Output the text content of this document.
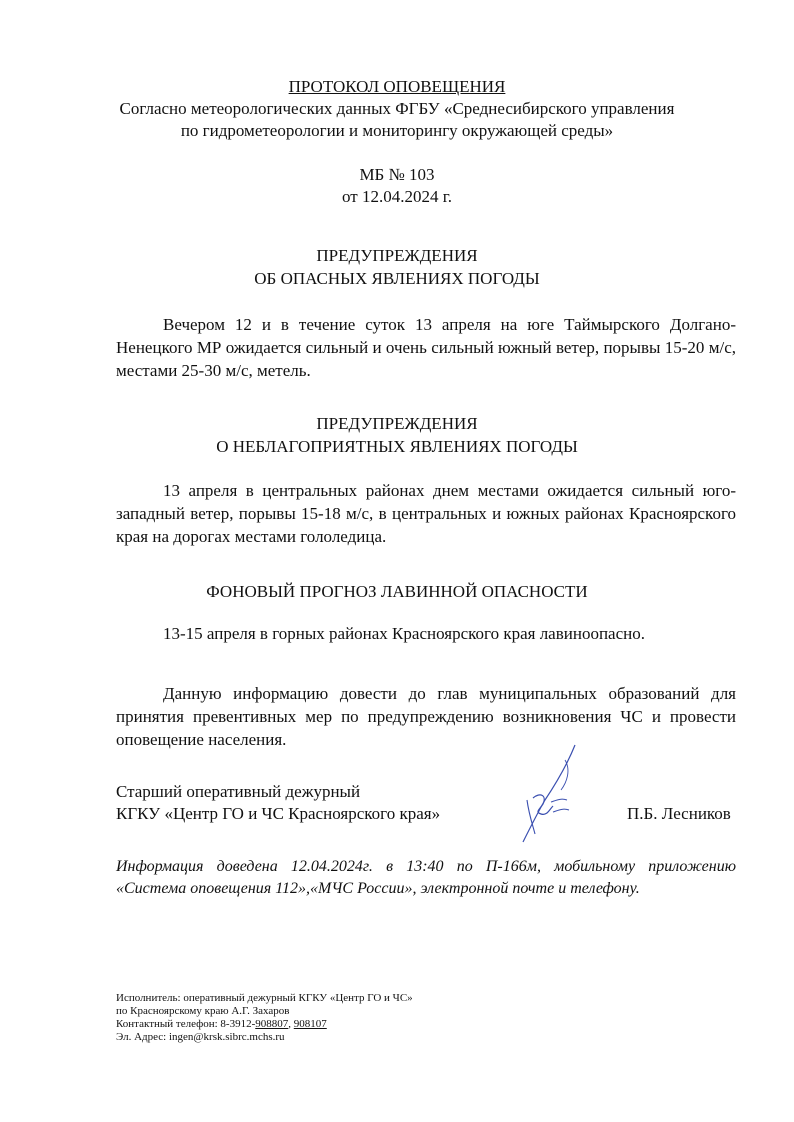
ПРОТОКОЛ ОПОВЕЩЕНИЯ
Согласно метеорологических данных ФГБУ «Среднесибирского управления
по гидрометеорологии и мониторингу окружающей среды»
МБ № 103
от 12.04.2024 г.
ПРЕДУПРЕЖДЕНИЯ
ОБ ОПАСНЫХ ЯВЛЕНИЯХ ПОГОДЫ
Вечером 12 и в течение суток 13 апреля на юге Таймырского Долгано-Ненецкого МР ожидается сильный и очень сильный южный ветер, порывы 15-20 м/с, местами 25-30 м/с, метель.
ПРЕДУПРЕЖДЕНИЯ
О НЕБЛАГОПРИЯТНЫХ ЯВЛЕНИЯХ ПОГОДЫ
13 апреля в центральных районах днем местами ожидается сильный юго-западный ветер, порывы 15-18 м/с, в центральных и южных районах Красноярского края на дорогах местами гололедица.
ФОНОВЫЙ ПРОГНОЗ ЛАВИННОЙ ОПАСНОСТИ
13-15 апреля в горных районах Красноярского края лавиноопасно.
Данную информацию довести до глав муниципальных образований для принятия превентивных мер по предупреждению возникновения ЧС и провести оповещение населения.
Старший оперативный дежурный
КГКУ «Центр ГО и ЧС Красноярского края»	П.Б. Лесников
Информация доведена 12.04.2024г. в 13:40 по П-166м, мобильному приложению «Система оповещения 112»,«МЧС России», электронной почте и телефону.
Исполнитель: оперативный дежурный КГКУ «Центр ГО и ЧС»
по Красноярскому краю А.Г. Захаров
Контактный телефон: 8-3912-908807, 908107
Эл. Адрес: ingen@krsk.sibrc.mchs.ru
